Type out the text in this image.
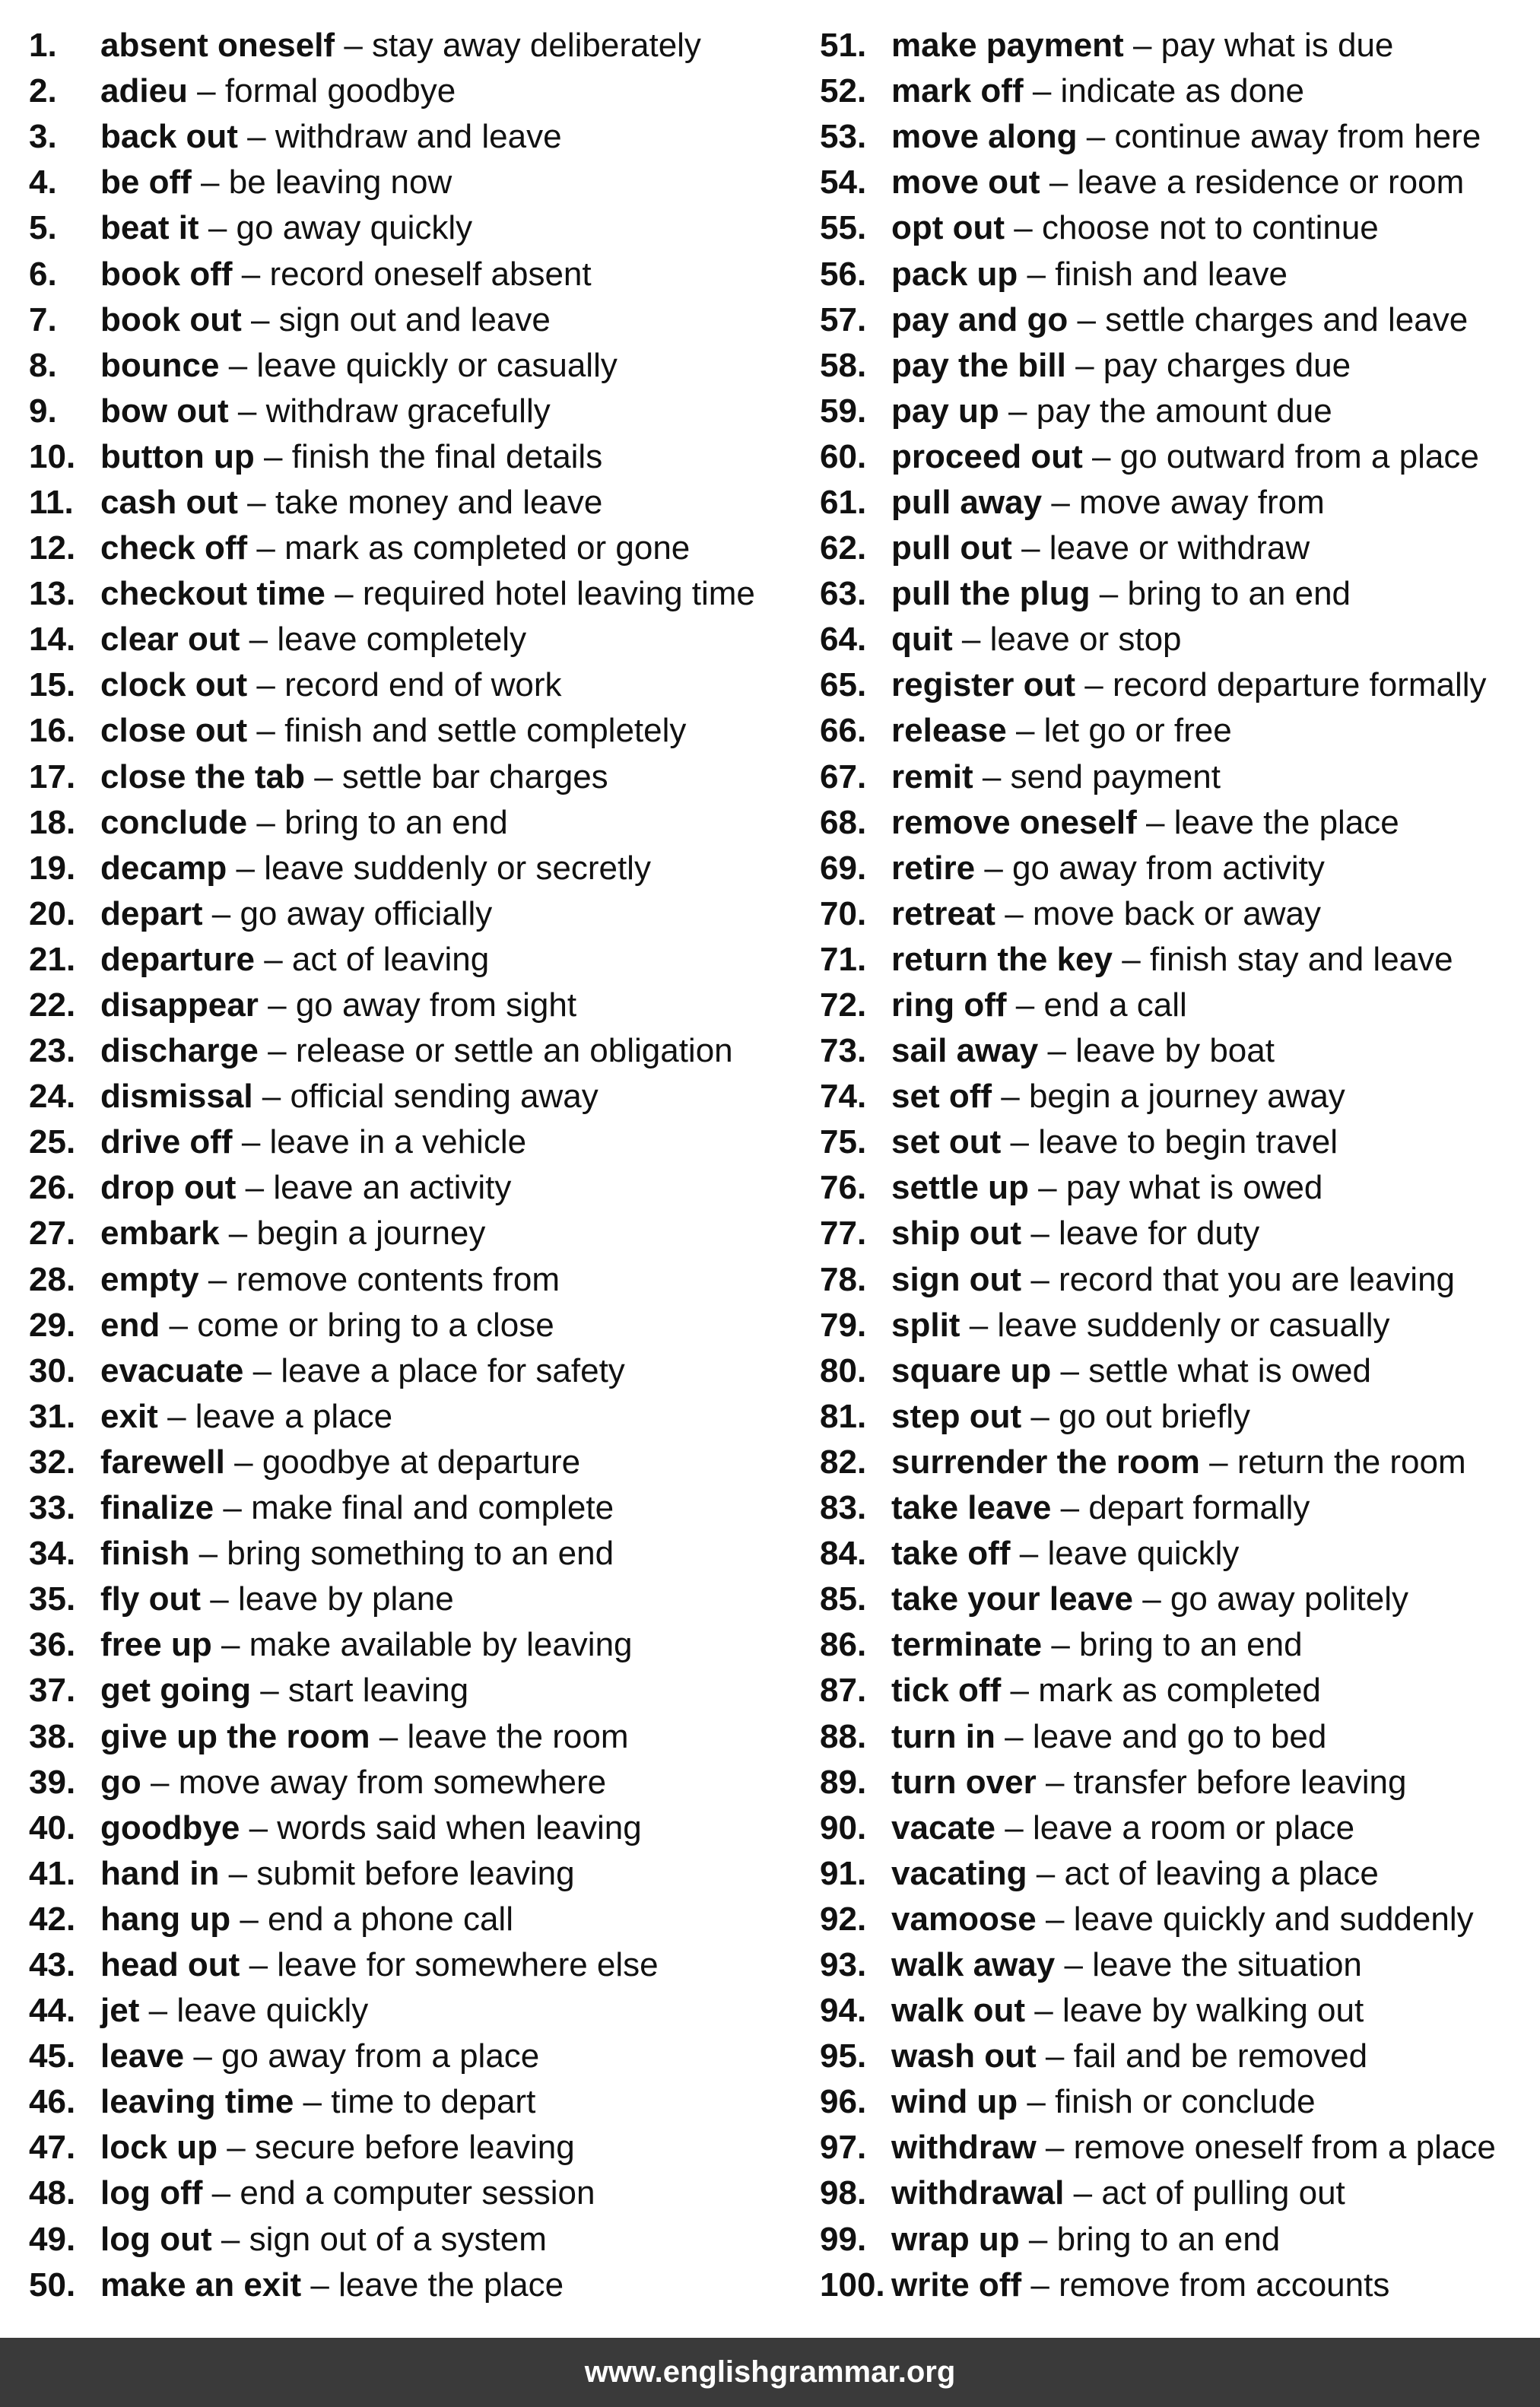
1.	absent oneself
–
stay away deliberately
2.	adieu
–
formal goodbye
3.	back out
–
withdraw and leave
4.	be off
–
be leaving now
5.	beat it
–
go away quickly
6.	book off
–
record oneself absent
7.	book out
–
sign out and leave
8.	bounce
–
leave quickly or casually
9.	bow out
–
withdraw gracefully
10. button up
–
finish the final details
11. cash out
–
take money and leave
12. check off
–
mark as completed or gone
13. checkout time
–
required hotel leaving time
14. clear out
–
leave completely
15. clock out
–
record end of work
16. close out
–
finish and settle completely
17. close the tab
–
settle bar charges
18. conclude
–
bring to an end
19. decamp
–
leave suddenly or secretly
20. depart
–
go away officially
21. departure
–
act of leaving
22. disappear
–
go away from sight
23. discharge
–
release or settle an obligation
24. dismissal
–
official sending away
25. drive off
–
leave in a vehicle
26. drop out
–
leave an activity
27. embark
–
begin a journey
28. empty
–
remove contents from
29. end
–
come or bring to a close
30. evacuate
–
leave a place for safety
31. exit
–
leave a place
32. farewell
–
goodbye at departure
33. finalize
–
make final and complete
34. finish
–
bring something to an end
35. fly out
–
leave by plane
36. free up
–
make available by leaving
37. get going
–
start leaving
38. give up the room
–
leave the room
39. go
–
move away from somewhere
40. goodbye
–
words said when leaving
41. hand in
–
submit before leaving
42. hang up
–
end a phone call
43. head out
–
leave for somewhere else
44. jet
–
leave quickly
45. leave
–
go away from a place
46. leaving time
–
time to depart
47. lock up
–
secure before leaving
48. log off
–
end a computer session
49. log out
–
sign out of a system
50. make an exit
–
leave the place
51. make payment
–
pay what is due
52. mark off
–
indicate as done
53. move along
–
continue away from here
54. move out
–
leave a residence or room
55. opt out
–
choose not to continue
56. pack up
–
finish and leave
57. pay and go
–
settle charges and leave
58. pay the bill
–
pay charges due
59. pay up
–
pay the amount due
60. proceed out
–
go outward from a place
61. pull away
–
move away from
62. pull out
–
leave or withdraw
63. pull the plug
–
bring to an end
64. quit
–
leave or stop
65. register out
–
record departure formally
66. release
–
let go or free
67. remit
–
send payment
68. remove oneself
–
leave the place
69. retire
–
go away from activity
70. retreat
–
move back or away
71. return the key
–
finish stay and leave
72. ring off
–
end a call
73. sail away
–
leave by boat
74. set off
–
begin a journey away
75. set out
–
leave to begin travel
76. settle up
–
pay what is owed
77. ship out
–
leave for duty
78. sign out
–
record that you are leaving
79. split
–
leave suddenly or casually
80. square up
–
settle what is owed
81. step out
–
go out briefly
82. surrender the room
–
return the room
83. take leave
–
depart formally
84. take off
–
leave quickly
85. take your leave
–
go away politely
86. terminate
–
bring to an end
87. tick off
–
mark as completed
88. turn in
–
leave and go to bed
89. turn over
–
transfer before leaving
90. vacate
–
leave a room or place
91. vacating
–
act of leaving a place
92. vamoose
–
leave quickly and suddenly
93. walk away
–
leave the situation
94. walk out
–
leave by walking out
95. wash out
–
fail and be removed
96. wind up
–
finish or conclude
97. withdraw
–
remove oneself from a place
98. withdrawal
–
act of pulling out
99. wrap up
–
bring to an end
100. write off
–
remove from accounts
www.englishgrammar.org
